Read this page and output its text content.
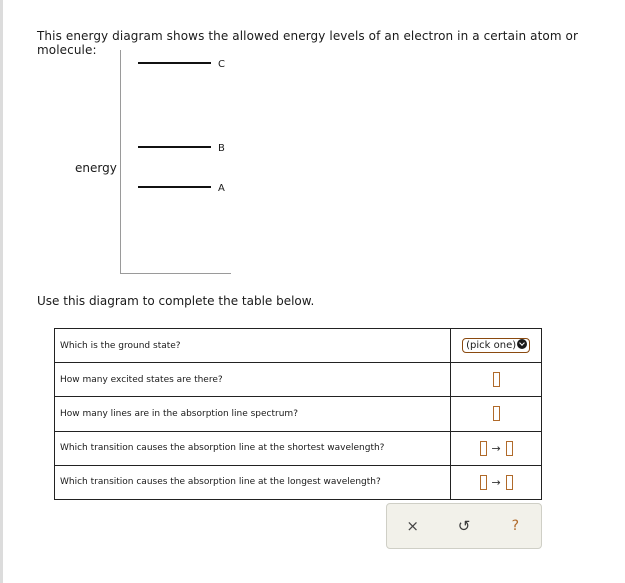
This energy diagram shows the allowed energy levels of an electron in a certain atom or molecule:
energy
C
B
A
Use this diagram to complete the table below.
Which is the ground state?	(pick one)
How many excited states are there?	
How many lines are in the absorption line spectrum?	
Which transition causes the absorption line at the shortest wavelength?	→
Which transition causes the absorption line at the longest wavelength?	→
×	↺	?
